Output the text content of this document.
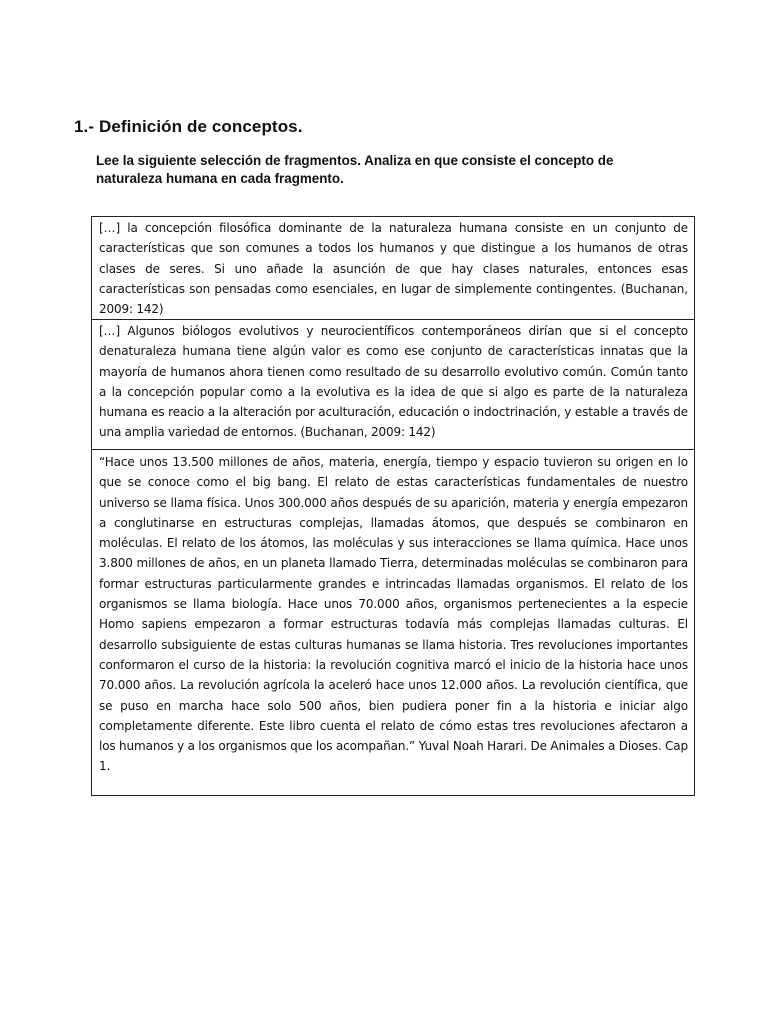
1.- Definición de conceptos.

Lee la siguiente selección de fragmentos. Analiza en que consiste el concepto de naturaleza humana en cada fragmento.

[…] la concepción filosófica dominante de la naturaleza humana consiste en un conjunto de características que son comunes a todos los humanos y que distingue a los humanos de otras clases de seres. Si uno añade la asunción de que hay clases naturales, entonces esas características son pensadas como esenciales, en lugar de simplemente contingentes. (Buchanan, 2009: 142)
[…] Algunos biólogos evolutivos y neurocientíficos contemporáneos dirían que si el concepto denaturaleza humana tiene algún valor es como ese conjunto de características innatas que la mayoría de humanos ahora tienen como resultado de su desarrollo evolutivo común. Común tanto a la concepción popular como a la evolutiva es la idea de que si algo es parte de la naturaleza humana es reacio a la alteración por aculturación, educación o indoctrinación, y estable a través de una amplia variedad de entornos. (Buchanan, 2009: 142)
“Hace unos 13.500 millones de años, materia, energía, tiempo y espacio tuvieron su origen en lo que se conoce como el big bang. El relato de estas características fundamentales de nuestro universo se llama física. Unos 300.000 años después de su aparición, materia y energía empezaron a conglutinarse en estructuras complejas, llamadas átomos, que después se combinaron en moléculas. El relato de los átomos, las moléculas y sus interacciones se llama química. Hace unos 3.800 millones de años, en un planeta llamado Tierra, determinadas moléculas se combinaron para formar estructuras particularmente grandes e intrincadas llamadas organismos. El relato de los organismos se llama biología. Hace unos 70.000 años, organismos pertenecientes a la especie Homo sapiens empezaron a formar estructuras todavía más complejas llamadas culturas. El desarrollo subsiguiente de estas culturas humanas se llama historia. Tres revoluciones importantes conformaron el curso de la historia: la revolución cognitiva marcó el inicio de la historia hace unos 70.000 años. La revolución agrícola la aceleró hace unos 12.000 años. La revolución científica, que se puso en marcha hace solo 500 años, bien pudiera poner fin a la historia e iniciar algo completamente diferente. Este libro cuenta el relato de cómo estas tres revoluciones afectaron a los humanos y a los organismos que los acompañan.” Yuval Noah Harari. De Animales a Dioses. Cap 1.
